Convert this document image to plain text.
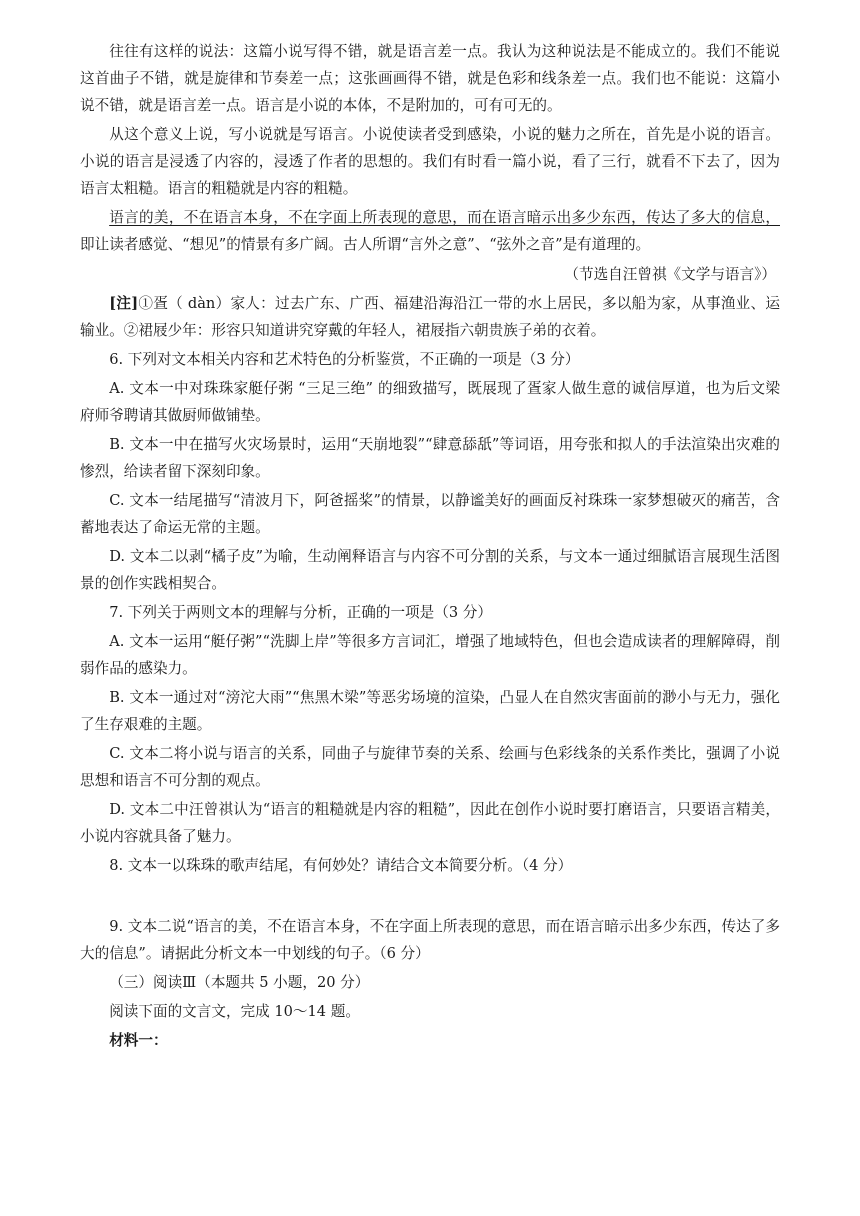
往往有这样的说法：这篇小说写得不错，就是语言差一点。我认为这种说法是不能成立的。我们不能说这首曲子不错，就是旋律和节奏差一点；这张画画得不错，就是色彩和线条差一点。我们也不能说：这篇小说不错，就是语言差一点。语言是小说的本体，不是附加的，可有可无的。

从这个意义上说，写小说就是写语言。小说使读者受到感染，小说的魅力之所在，首先是小说的语言。小说的语言是浸透了内容的，浸透了作者的思想的。我们有时看一篇小说，看了三行，就看不下去了，因为语言太粗糙。语言的粗糙就是内容的粗糙。

语言的美，不在语言本身，不在字面上所表现的意思，而在语言暗示出多少东西，传达了多大的信息，即让读者感觉、“想见”的情景有多广阔。古人所谓“言外之意”、“弦外之音”是有道理的。

（节选自汪曾祺《文学与语言》）

[注]①疍（ dàn）家人：过去广东、广西、福建沿海沿江一带的水上居民，多以船为家，从事渔业、运输业。②裙屐少年：形容只知道讲究穿戴的年轻人，裙屐指六朝贵族子弟的衣着。

6. 下列对文本相关内容和艺术特色的分析鉴赏，不正确的一项是（3 分）

A. 文本一中对珠珠家艇仔粥 “三足三绝” 的细致描写，既展现了疍家人做生意的诚信厚道，也为后文梁府师爷聘请其做厨师做铺垫。

B. 文本一中在描写火灾场景时，运用“天崩地裂”“肆意舔舐”等词语，用夸张和拟人的手法渲染出灾难的惨烈，给读者留下深刻印象。

C. 文本一结尾描写“清波月下，阿爸摇桨”的情景，以静谧美好的画面反衬珠珠一家梦想破灭的痛苦，含蓄地表达了命运无常的主题。

D. 文本二以剥“橘子皮”为喻，生动阐释语言与内容不可分割的关系，与文本一通过细腻语言展现生活图景的创作实践相契合。

7. 下列关于两则文本的理解与分析，正确的一项是（3 分）

A. 文本一运用“艇仔粥”“洗脚上岸”等很多方言词汇，增强了地域特色，但也会造成读者的理解障碍，削弱作品的感染力。

B. 文本一通过对“滂沱大雨”“焦黑木梁”等恶劣场境的渲染，凸显人在自然灾害面前的渺小与无力，强化了生存艰难的主题。

C. 文本二将小说与语言的关系，同曲子与旋律节奏的关系、绘画与色彩线条的关系作类比，强调了小说思想和语言不可分割的观点。

D. 文本二中汪曾祺认为“语言的粗糙就是内容的粗糙”，因此在创作小说时要打磨语言，只要语言精美，小说内容就具备了魅力。

8. 文本一以珠珠的歌声结尾，有何妙处？请结合文本简要分析。（4 分）

9. 文本二说“语言的美，不在语言本身，不在字面上所表现的意思，而在语言暗示出多少东西，传达了多大的信息”。请据此分析文本一中划线的句子。（6 分）

（三）阅读Ⅲ（本题共 5 小题，20 分）

阅读下面的文言文，完成 10～14 题。

材料一：
